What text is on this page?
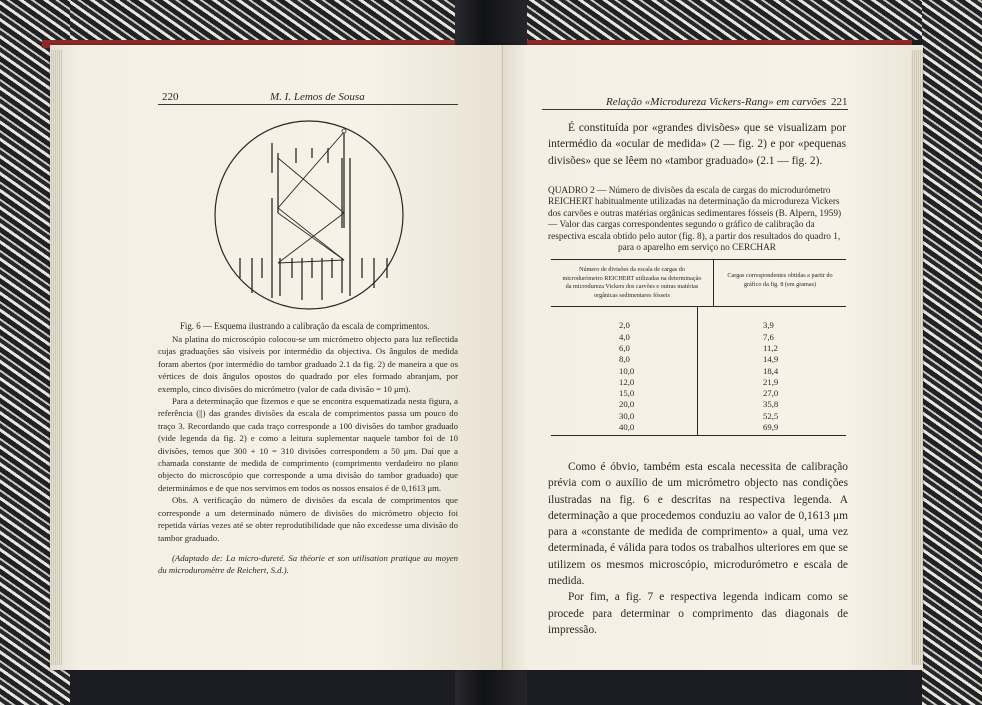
220	M. I. Lemos de Sousa
Fig. 6 — Esquema ilustrando a calibração da escala de comprimentos.

Na platina do microscópio colocou-se um micrómetro objecto para luz reflectida cujas graduações são visíveis por intermédio da objectiva. Os ângulos de medida foram abertos (por intermédio do tambor graduado 2.1 da fig. 2) de maneira a que os vértices de dois ângulos opostos do quadrado por eles formado abranjam, por exemplo, cinco divisões do micrómetro (valor de cada divisão = 10 μm).

Para a determinação que fizemos e que se encontra esquematizada nesta figura, a referência (||) das grandes divisões da escala de comprimentos passa um pouco do traço 3. Recordando que cada traço corresponde a 100 divisões do tambor graduado (vide legenda da fig. 2) e como a leitura suplementar naquele tambor foi de 10 divisões, temos que 300 + 10 = 310 divisões correspondem a 50 μm. Daí que a chamada constante de medida de comprimento (comprimento verdadeiro no plano objecto do microscópio que corresponde a uma divisão do tambor graduado) que determinámos e de que nos servimos em todos os nossos ensaios é de 0,1613 μm.

Obs. A verificação do número de divisões da escala de comprimentos que corresponde a um determinado número de divisões do micrómetro objecto foi repetida várias vezes até se obter reprodutibilidade que não excedesse uma divisão do tambor graduado.

(Adaptado de: La micro-dureté. Sa théorie et son utilisation pratique au moyen du microduromètre de Reichert, S.d.).

Relação «Microdureza Vickers-Rang» em carvões 221

É constituída por «grandes divisões» que se visualizam por intermédio da «ocular de medida» (2 — fig. 2) e por «pequenas divisões» que se lêem no «tambor graduado» (2.1 — fig. 2).

QUADRO 2 — Número de divisões da escala de cargas do microdurómetro
REICHERT habitualmente utilizadas na determinação da microdureza Vickers
dos carvões e outras matérias orgânicas sedimentares fósseis (B. Alpern, 1959)
— Valor das cargas correspondentes segundo o gráfico de calibração da
respectiva escala obtido pelo autor (fig. 8), a partir dos resultados do quadro 1,
para o aparelho em serviço no CERCHAR
Número de divisões da escala de cargas do microdurómetro REICHERT utilizadas na determinação da microdureza Vickers dos carvões e outras matérias orgânicas sedimentares fósseis
Cargas correspondentes obtidas a partir do gráfico da fig. 8 (em gramas)
2,0
4,0
6,0
8,0
10,0
12,0
15,0
20,0
30,0
40,0
3,9
7,6
11,2
14,9
18,4
21,9
27,0
35,8
52,5
69,9

Como é óbvio, também esta escala necessita de calibração prévia com o auxílio de um micrómetro objecto nas condições ilustradas na fig. 6 e descritas na respectiva legenda. A determinação a que procedemos conduziu ao valor de 0,1613 μm para a «constante de medida de comprimento» a qual, uma vez determinada, é válida para todos os trabalhos ulteriores em que se utilizem os mesmos microscópio, microdurómetro e escala de medida.

Por fim, a fig. 7 e respectiva legenda indicam como se procede para determinar o comprimento das diagonais de impressão.
